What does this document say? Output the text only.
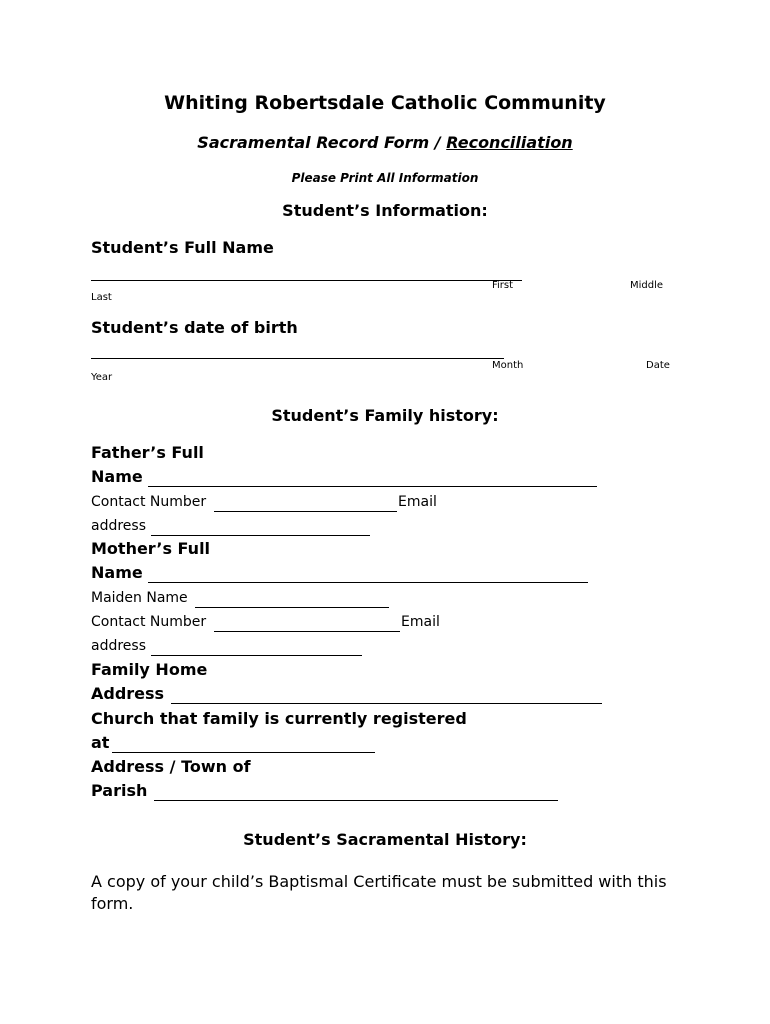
Whiting Robertsdale Catholic Community
Sacramental Record Form / Reconciliation
Please Print All Information
Student’s Information:
Student’s Full Name
First	Middle
Last
Student’s date of birth
Month	Date
Year
Student’s Family history:
Father’s Full
Name
Contact Number	Email
address
Mother’s Full
Name
Maiden Name
Contact Number	Email
address
Family Home
Address
Church that family is currently registered
at
Address / Town of
Parish
Student’s Sacramental History:
A copy of your child’s Baptismal Certificate must be submitted with this form.
